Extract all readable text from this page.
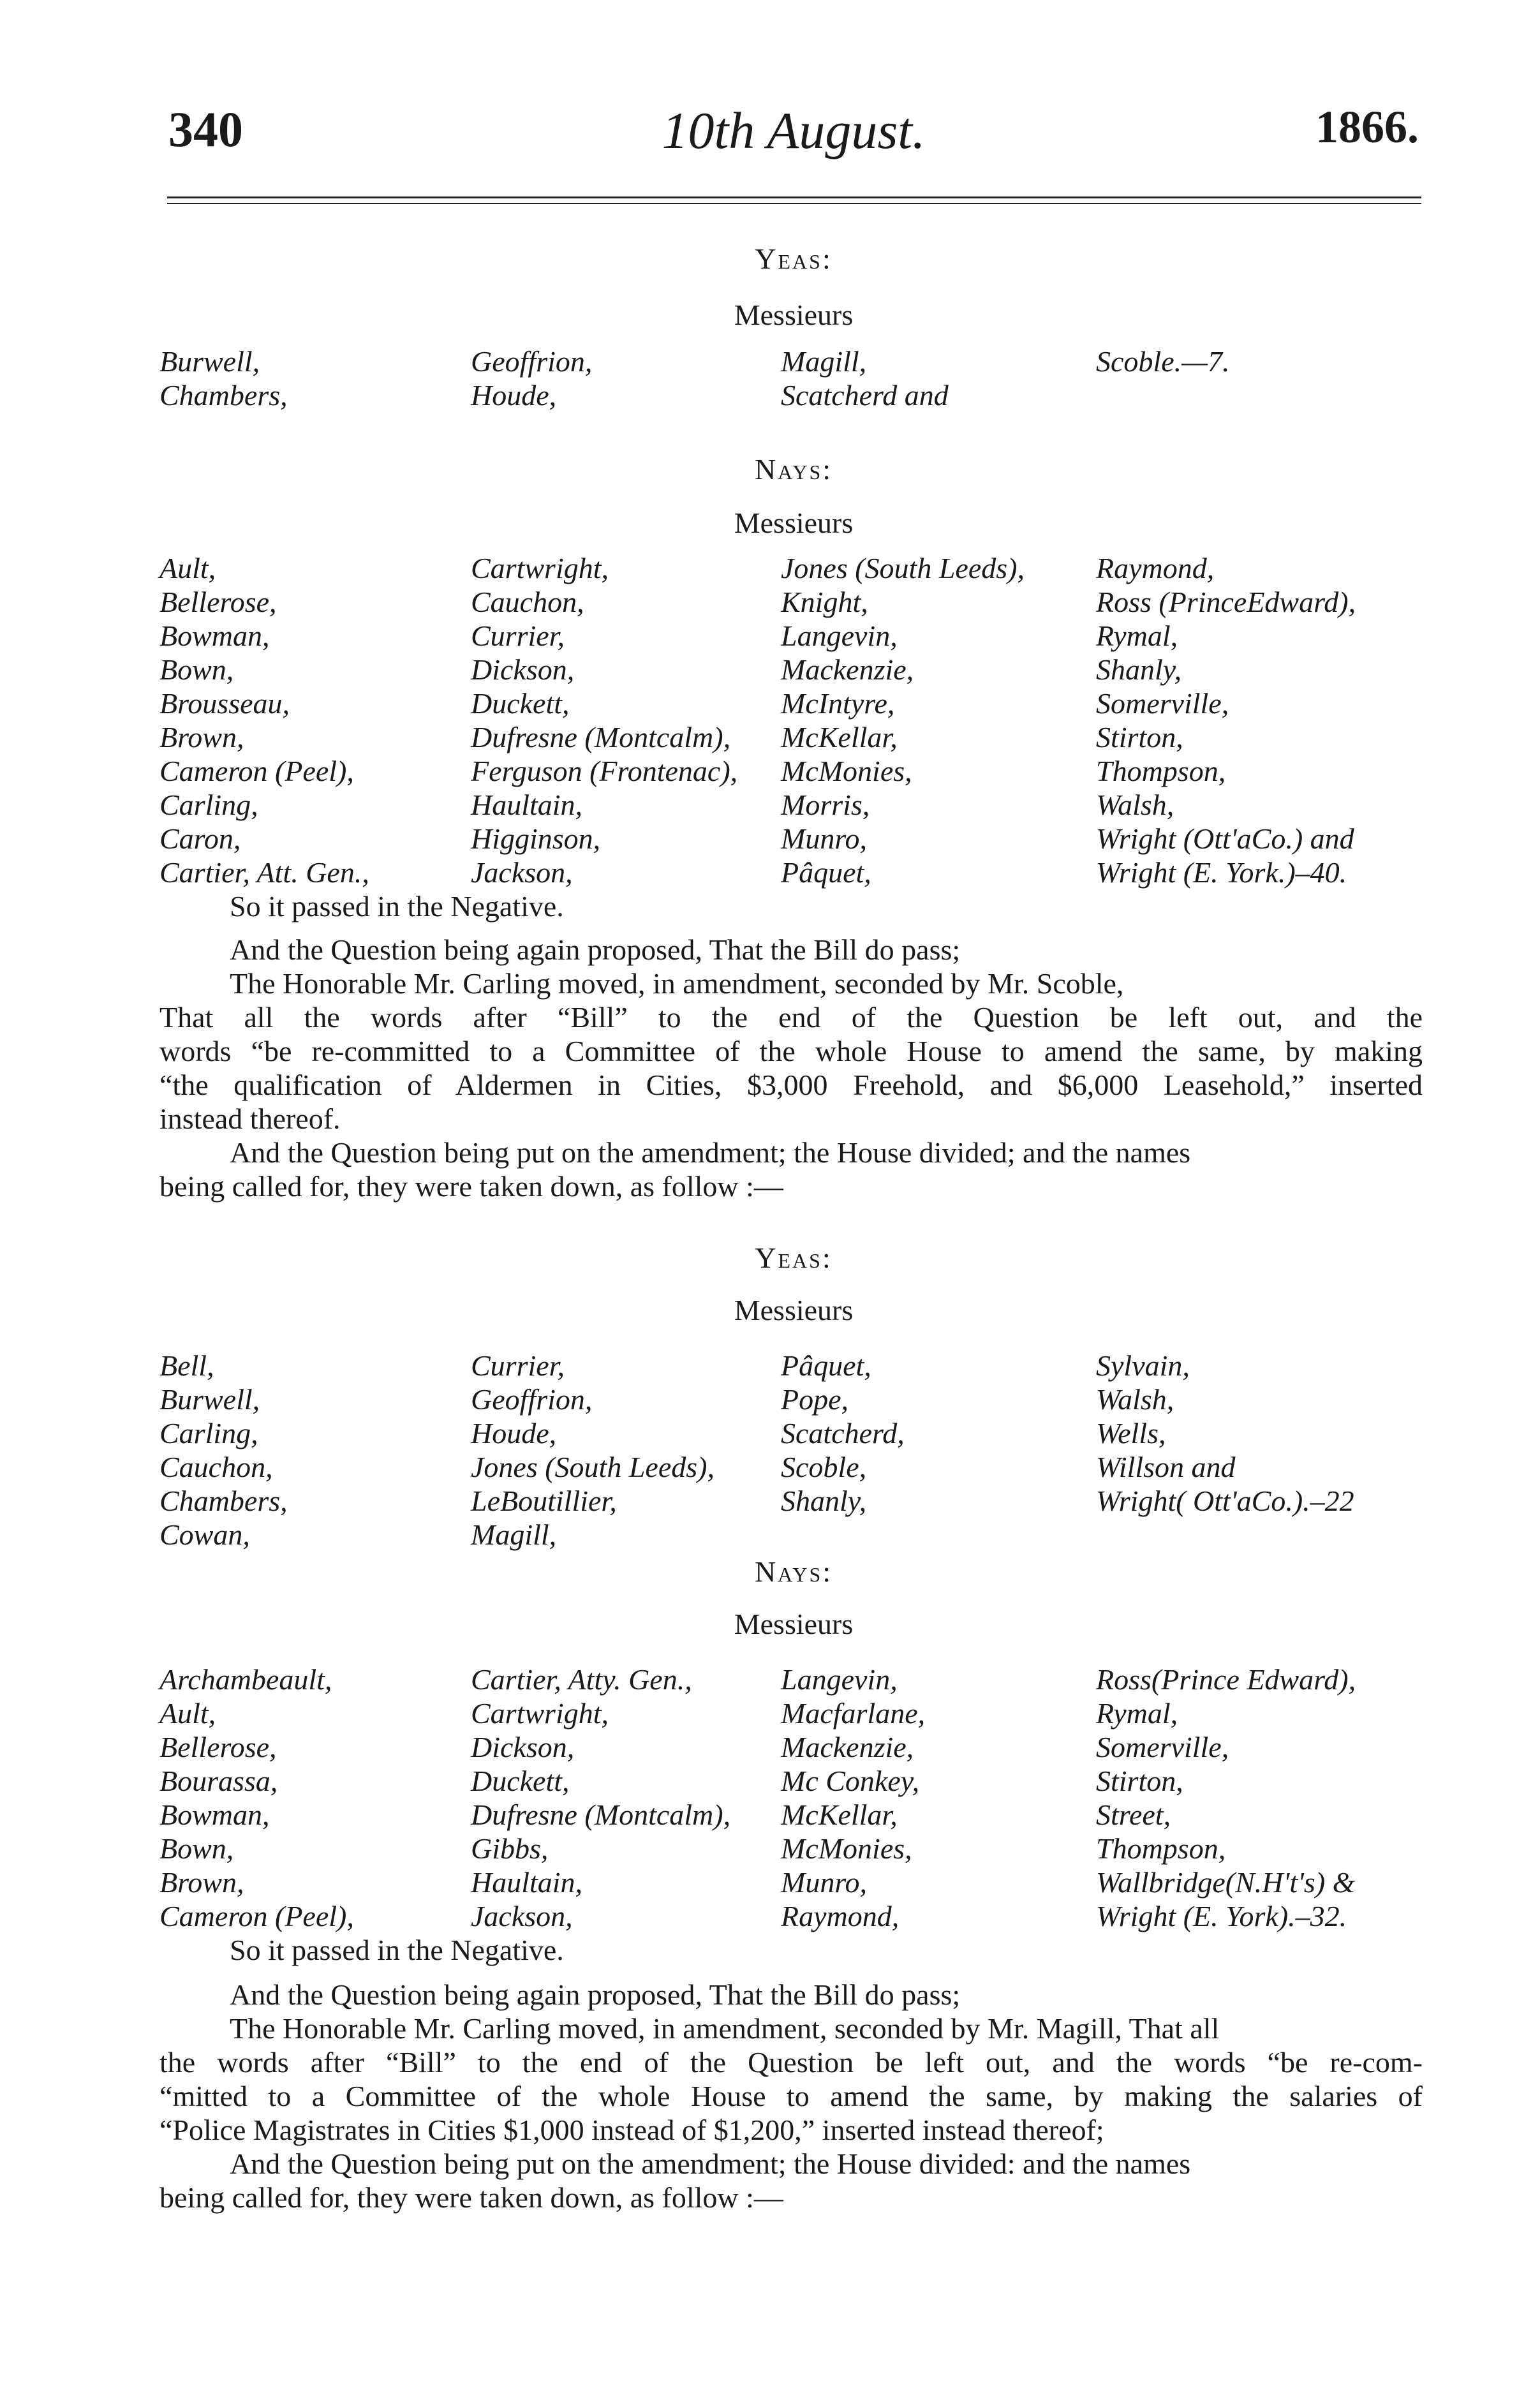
340	10th August.	1866.
Yeas:
Messieurs
Burwell,	Geoffrion,	Magill,	Scoble.—7.
Chambers,	Houde,	Scatcherd and
Nays:
Messieurs
Ault,	Cartwright,	Jones (South Leeds), Raymond,
Bellerose,	Cauchon,	Knight,	Ross (PrinceEdward),
Bowman,	Currier,	Langevin,	Rymal,
Bown,	Dickson,	Mackenzie,	Shanly,
Brousseau,	Duckett,	McIntyre,	Somerville,
Brown,	Dufresne (Montcalm), McKellar,	Stirton,
Cameron (Peel),	Ferguson (Frontenac), McMonies,	Thompson,
Carling,	Haultain,	Morris,	Walsh,
Caron,	Higginson,	Munro,	Wright (Ott'aCo.) and
Cartier, Att. Gen.,	Jackson,	Pâquet,	Wright (E. York.)–40.
So it passed in the Negative.
And the Question being again proposed, That the Bill do pass;
The Honorable Mr. Carling moved, in amendment, seconded by Mr. Scoble,
That all the words after “Bill” to the end of the Question be left out, and the
words “be re-committed to a Committee of the whole House to amend the same, by making
“the qualification of Aldermen in Cities, $3,000 Freehold, and $6,000 Leasehold,” inserted
instead thereof.
And the Question being put on the amendment; the House divided; and the names
being called for, they were taken down, as follow :—
Yeas:
Messieurs
Bell,	Currier,	Pâquet,	Sylvain,
Burwell,	Geoffrion,	Pope,	Walsh,
Carling,	Houde,	Scatcherd,	Wells,
Cauchon,	Jones (South Leeds), Scoble,	Willson and
Chambers,	LeBoutillier,	Shanly,	Wright( Ott'aCo.).–22
Cowan,	Magill,
Nays:
Messieurs
Archambeault,	Cartier, Atty. Gen.,	Langevin,	Ross(Prince Edward),
Ault,	Cartwright,	Macfarlane,	Rymal,
Bellerose,	Dickson,	Mackenzie,	Somerville,
Bourassa,	Duckett,	Mc Conkey,	Stirton,
Bowman,	Dufresne (Montcalm), McKellar,	Street,
Bown,	Gibbs,	McMonies,	Thompson,
Brown,	Haultain,	Munro,	Wallbridge(N.H't's) &
Cameron (Peel),	Jackson,	Raymond,	Wright (E. York).–32.
So it passed in the Negative.
And the Question being again proposed, That the Bill do pass;
The Honorable Mr. Carling moved, in amendment, seconded by Mr. Magill, That all
the words after “Bill” to the end of the Question be left out, and the words “be re-com-
“mitted to a Committee of the whole House to amend the same, by making the salaries of
“Police Magistrates in Cities $1,000 instead of $1,200,” inserted instead thereof;
And the Question being put on the amendment; the House divided: and the names
being called for, they were taken down, as follow :—
